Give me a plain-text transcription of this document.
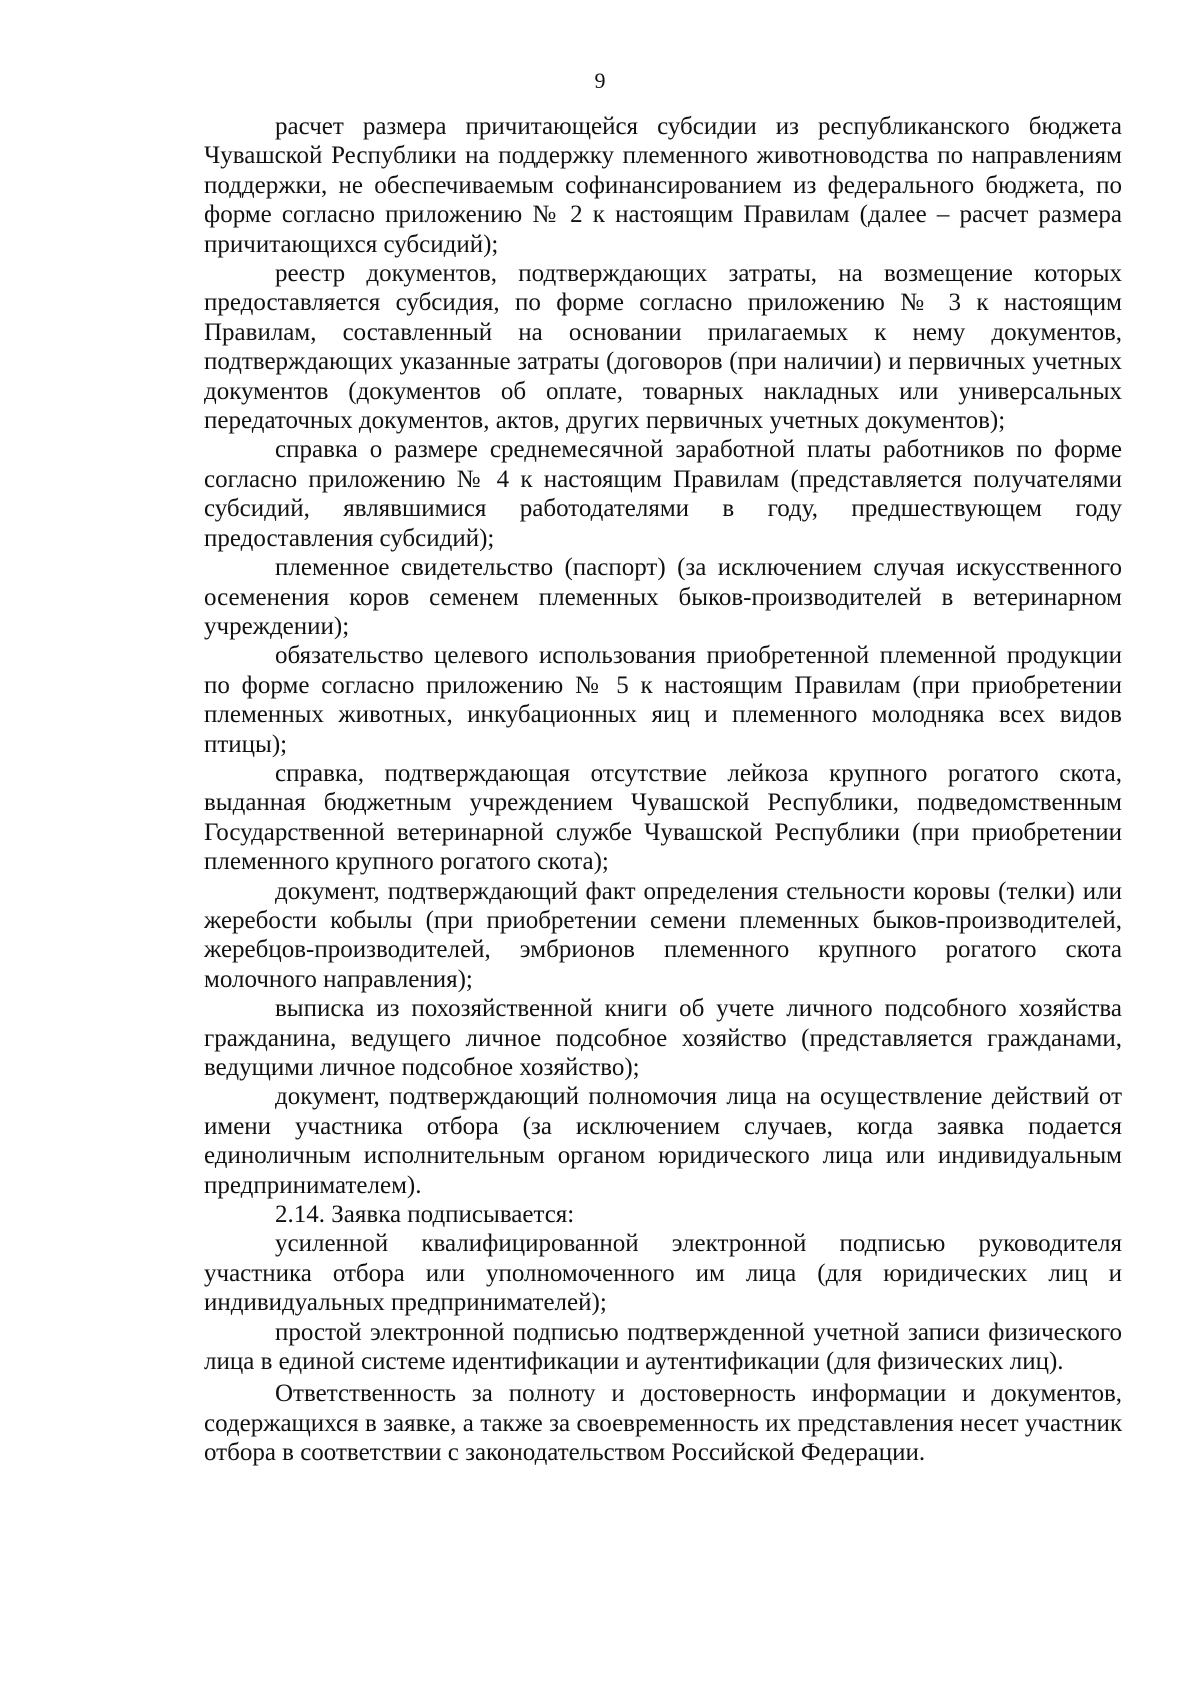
9

расчет размера причитающейся субсидии из республиканского бюджета Чувашской Республики на поддержку племенного животноводства по направлениям поддержки, не обеспечиваемым софинансированием из федерального бюджета, по форме согласно приложению № 2 к настоящим Правилам (далее – расчет размера причитающихся субсидий);

реестр документов, подтверждающих затраты, на возмещение которых предоставляется субсидия, по форме согласно приложению № 3 к настоящим Правилам, составленный на основании прилагаемых к нему документов, подтверждающих указанные затраты (договоров (при наличии) и первичных учетных документов (документов об оплате, товарных накладных или универсальных передаточных документов, актов, других первичных учетных документов);

справка о размере среднемесячной заработной платы работников по форме согласно приложению № 4 к настоящим Правилам (представляется получателями субсидий, являвшимися работодателями в году, предшествующем году предоставления субсидий);

племенное свидетельство (паспорт) (за исключением случая искусственного осеменения коров семенем племенных быков-производителей в ветеринарном учреждении);

обязательство целевого использования приобретенной племенной продукции по форме согласно приложению № 5 к настоящим Правилам (при приобретении племенных животных, инкубационных яиц и племенного молодняка всех видов птицы);

справка, подтверждающая отсутствие лейкоза крупного рогатого скота, выданная бюджетным учреждением Чувашской Республики, подведомственным Государственной ветеринарной службе Чувашской Республики (при приобретении племенного крупного рогатого скота);

документ, подтверждающий факт определения стельности коровы (телки) или жеребости кобылы (при приобретении семени племенных быков-производителей, жеребцов-производителей, эмбрионов племенного крупного рогатого скота молочного направления);

выписка из похозяйственной книги об учете личного подсобного хозяйства гражданина, ведущего личное подсобное хозяйство (представляется гражданами, ведущими личное подсобное хозяйство);

документ, подтверждающий полномочия лица на осуществление действий от имени участника отбора (за исключением случаев, когда заявка подается единоличным исполнительным органом юридического лица или индивидуальным предпринимателем).

2.14. Заявка подписывается:

усиленной квалифицированной электронной подписью руководителя участника отбора или уполномоченного им лица (для юридических лиц и индивидуальных предпринимателей);

простой электронной подписью подтвержденной учетной записи физического лица в единой системе идентификации и аутентификации (для физических лиц).

Ответственность за полноту и достоверность информации и документов, содержащихся в заявке, а также за своевременность их представления несет участник отбора в соответствии с законодательством Российской Федерации.
